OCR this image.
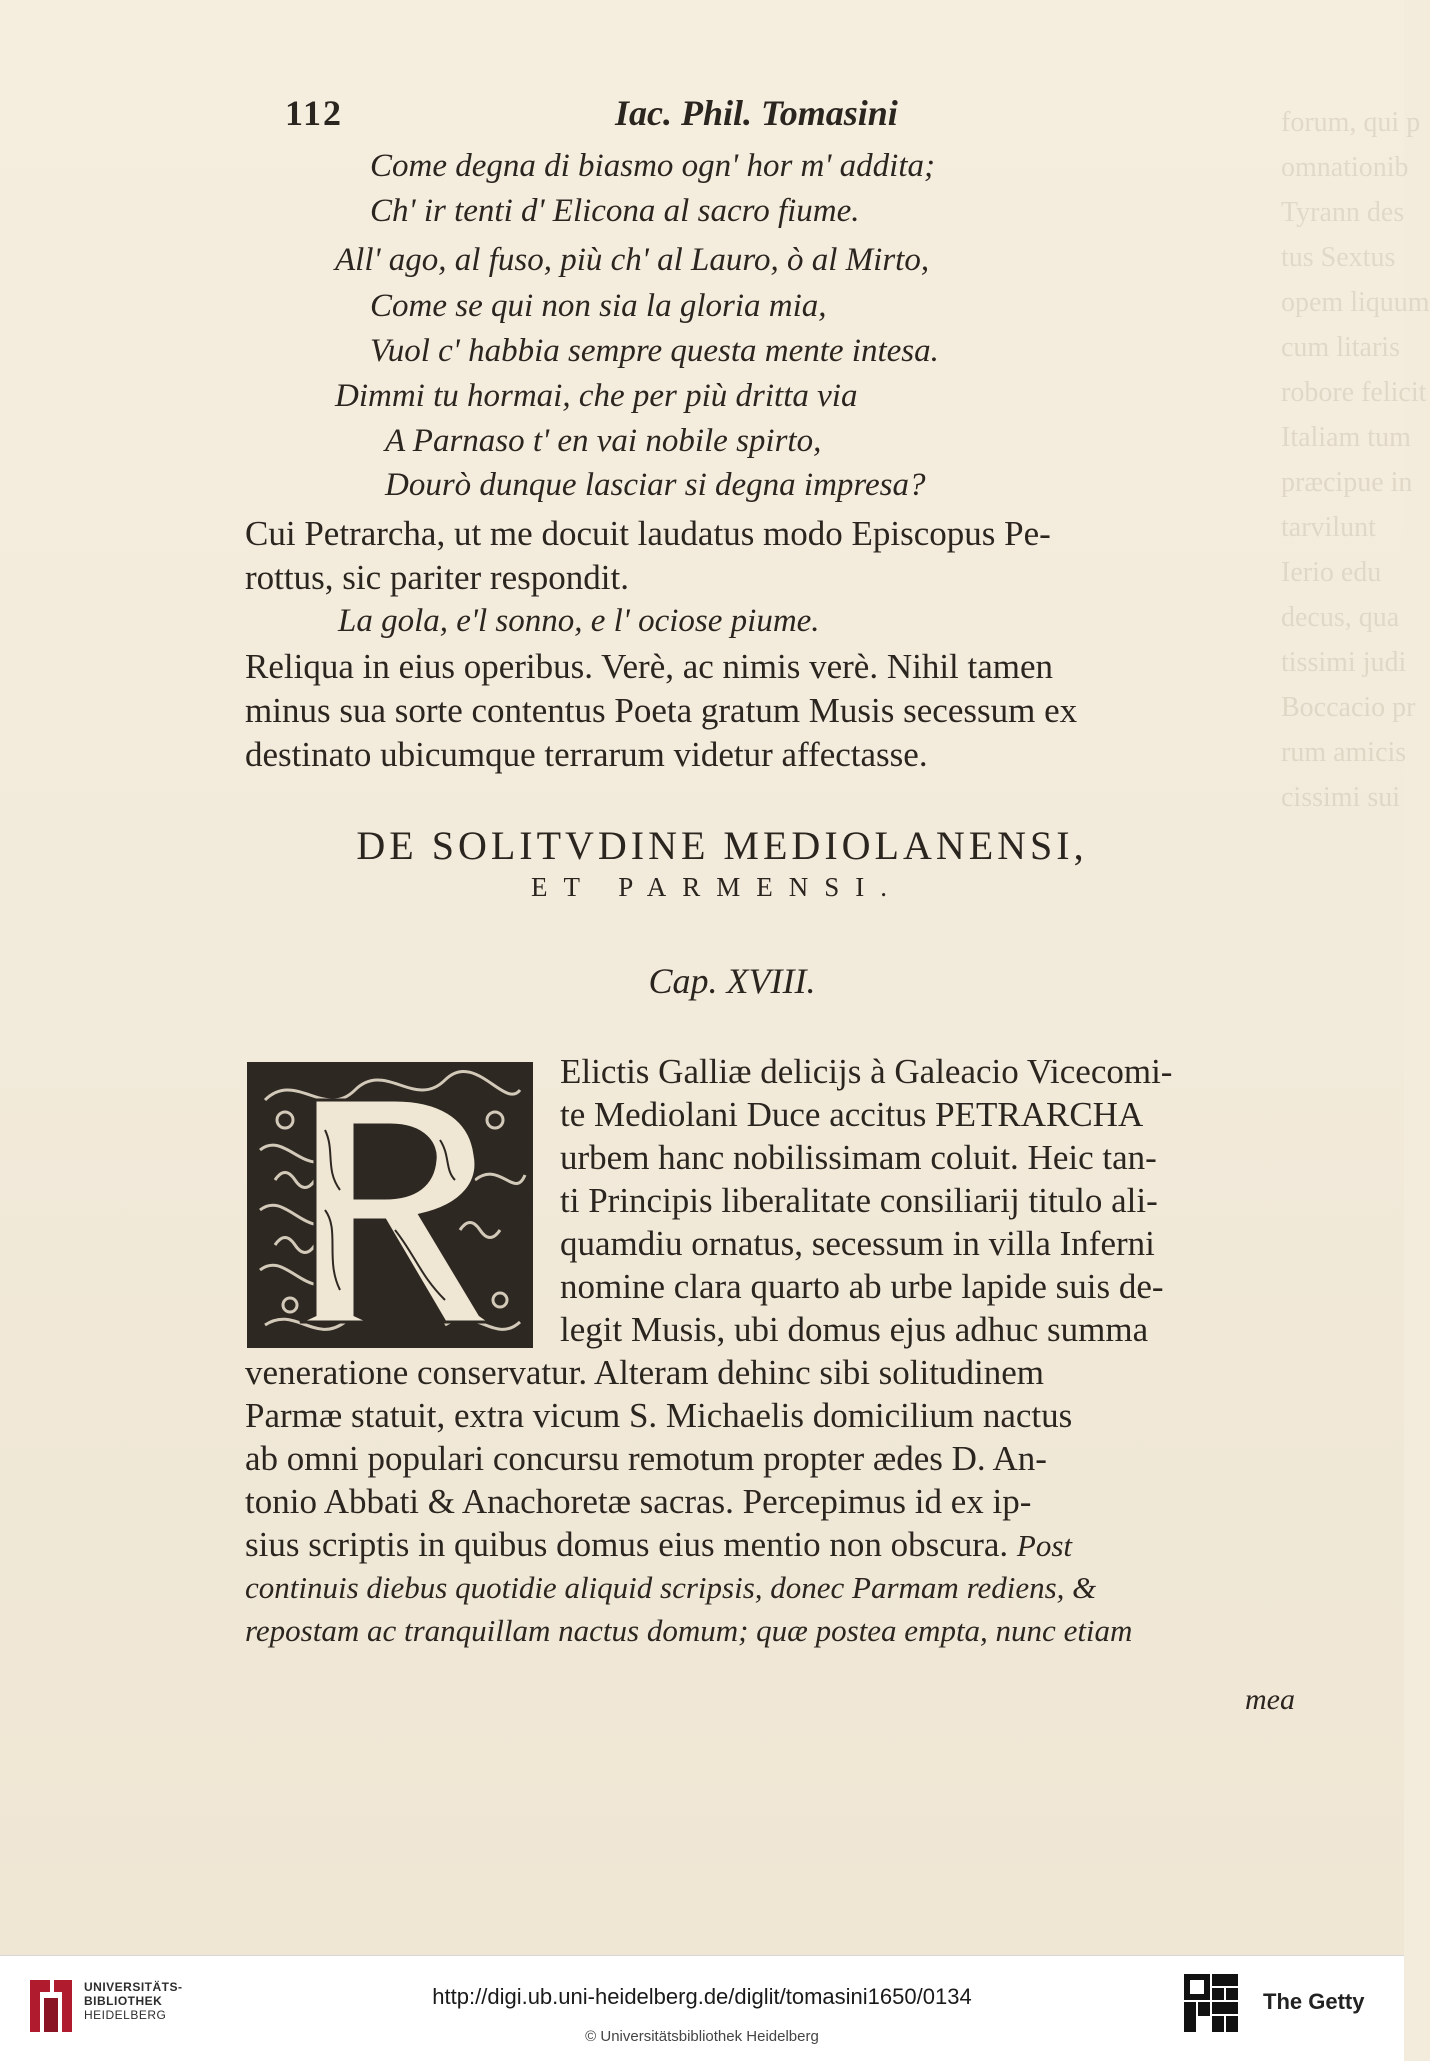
forum, qui p
omnationib
Tyrann des
tus Sextus
opem liquum
cum litaris
robore felicit
Italiam tum
præcipue in
tarvilunt
Ierio edu
decus, qua
tissimi judi
Boccacio pr
rum amicis
cissimi sui

112	Iac. Phil. Tomasini
Come degna di biasmo ogn' hor m' addita;
Ch' ir tenti d' Elicona al sacro fiume.
All' ago, al fuso, più ch' al Lauro, ò al Mirto,
Come se qui non sia la gloria mia,
Vuol c' habbia sempre questa mente intesa.
Dimmi tu hormai, che per più dritta via
A Parnaso t' en vai nobile spirto,
Dourò dunque lasciar si degna impresa?
Cui Petrarcha, ut me docuit laudatus modo Episcopus Pe-
rottus, sic pariter respondit.
La gola, e'l sonno, e l' ociose piume.
Reliqua in eius operibus. Verè, ac nimis verè. Nihil tamen
minus sua sorte contentus Poeta gratum Musis secessum ex
destinato ubicumque terrarum videtur affectasse.
DE SOLITVDINE MEDIOLANENSI,
ET PARMENSI.
Cap. XVIII.
Elictis Galliæ delicijs à Galeacio Vicecomi-
te Mediolani Duce accitus PETRARCHA
urbem hanc nobilissimam coluit. Heic tan-
ti Principis liberalitate consiliarij titulo ali-
quamdiu ornatus, secessum in villa Inferni
nomine clara quarto ab urbe lapide suis de-
legit Musis, ubi domus ejus adhuc summa
veneratione conservatur. Alteram dehinc sibi solitudinem
Parmæ statuit, extra vicum S. Michaelis domicilium nactus
ab omni populari concursu remotum propter ædes D. An-
tonio Abbati & Anachoretæ sacras. Percepimus id ex ip-
sius scriptis in quibus domus eius mentio non obscura. Post
continuis diebus quotidie aliquid scripsis, donec Parmam rediens, &
repostam ac tranquillam nactus domum; quæ postea empta, nunc etiam
mea
UNIVERSITÄTS-
BIBLIOTHEK
HEIDELBERG
http://digi.ub.uni-heidelberg.de/diglit/tomasini1650/0134
© Universitätsbibliothek Heidelberg
The Getty
